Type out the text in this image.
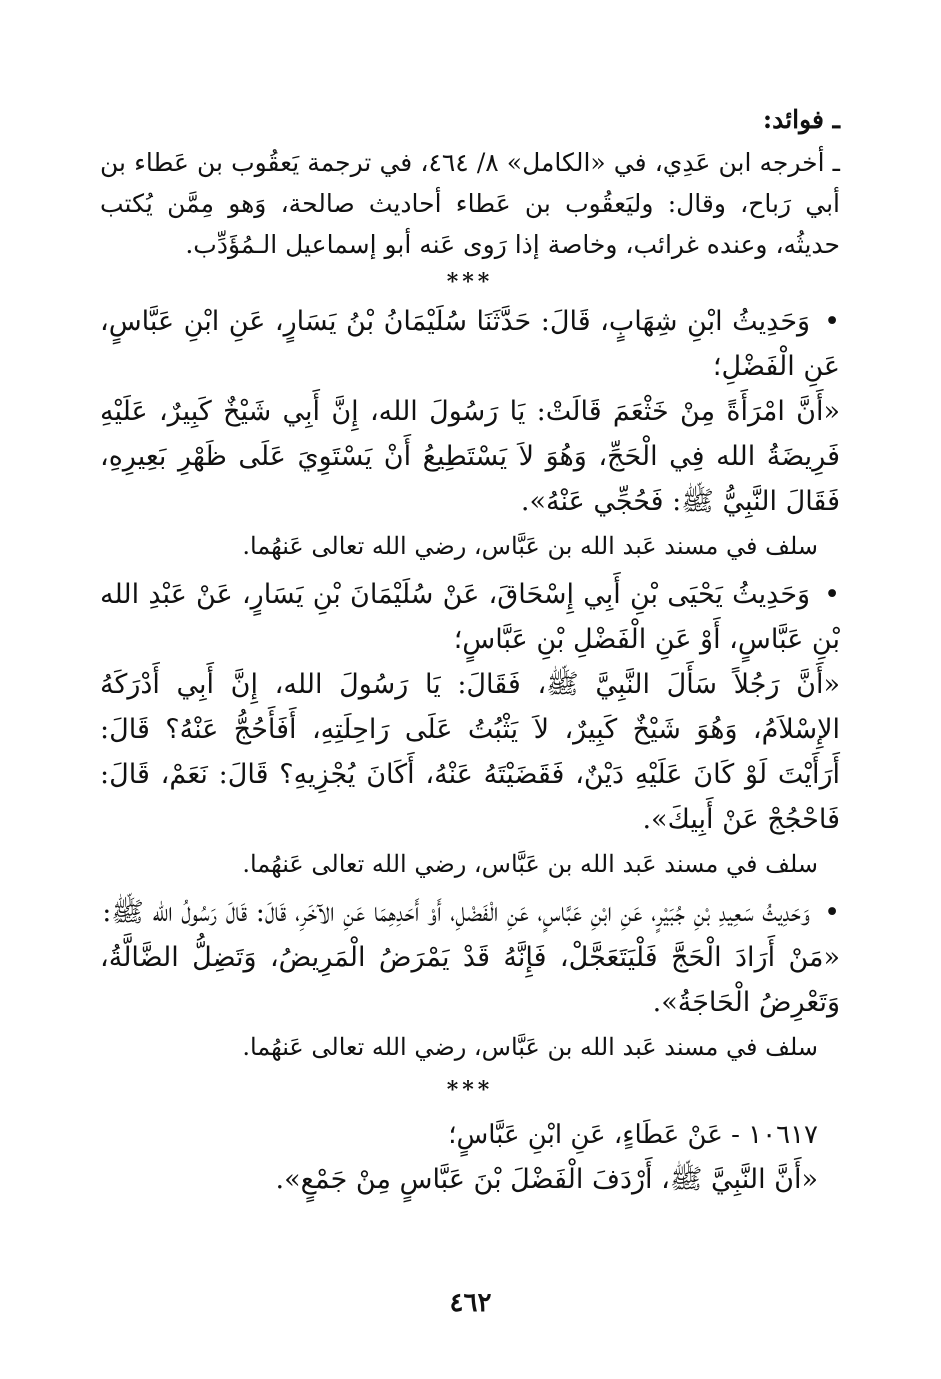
ـ فوائد:

ـ أخرجه ابن عَدِي، في «الكامل» ٨/ ٤٦٤، في ترجمة يَعقُوب بن عَطاء بن أبي رَباح، وقال: وليَعقُوب بن عَطاء أحاديث صالحة، وَهو مِمَّن يُكتب حديثُه، وعنده غرائب، وخاصة إذا رَوى عَنه أبو إسماعيل الـمُؤَدِّب.

***

•وَحَدِيثُ ابْنِ شِهَابٍ، قَالَ: حَدَّثَنَا سُلَيْمَانُ بْنُ يَسَارٍ، عَنِ ابْنِ عَبَّاسٍ، عَنِ الْفَضْلِ؛

«أَنَّ امْرَأَةً مِنْ خَثْعَمَ قَالَتْ: يَا رَسُولَ الله، إِنَّ أَبِي شَيْخٌ كَبِيرٌ، عَلَيْهِ فَرِيضَةُ الله فِي الْحَجِّ، وَهُوَ لاَ يَسْتَطِيعُ أَنْ يَسْتَوِيَ عَلَى ظَهْرِ بَعِيرِهِ، فَقَالَ النَّبِيُّ ﷺ: فَحُجِّي عَنْهُ».

سلف في مسند عَبد الله بن عَبَّاس، رضي الله تعالى عَنهُما.

•وَحَدِيثُ يَحْيَى بْنِ أَبِي إِسْحَاقَ، عَنْ سُلَيْمَانَ بْنِ يَسَارٍ، عَنْ عَبْدِ الله بْنِ عَبَّاسٍ، أَوْ عَنِ الْفَضْلِ بْنِ عَبَّاسٍ؛

«أَنَّ رَجُلاً سَأَلَ النَّبِيَّ ﷺ، فَقَالَ: يَا رَسُولَ الله، إِنَّ أَبِي أَدْرَكَهُ الإِسْلاَمُ، وَهُوَ شَيْخٌ كَبِيرٌ، لاَ يَثْبُتُ عَلَى رَاحِلَتِهِ، أَفَأَحُجُّ عَنْهُ؟ قَالَ: أَرَأَيْتَ لَوْ كَانَ عَلَيْهِ دَيْنٌ، فَقَضَيْتَهُ عَنْهُ، أَكَانَ يُجْزِيهِ؟ قَالَ: نَعَمْ، قَالَ: فَاحْجُجْ عَنْ أَبِيكَ».

سلف في مسند عَبد الله بن عَبَّاس، رضي الله تعالى عَنهُما.

•وَحَدِيثُ سَعِيدِ بْنِ جُبَيْرٍ، عَنِ ابْنِ عَبَّاسٍ، عَنِ الْفَضْلِ، أَوْ أَحَدِهِمَا عَنِ الآخَرِ، قَالَ: قَالَ رَسُولُ الله ﷺ:

«مَنْ أَرَادَ الْحَجَّ فَلْيَتَعَجَّلْ، فَإِنَّهُ قَدْ يَمْرَضُ الْمَرِيضُ، وَتَضِلُّ الضَّالَّةُ، وَتَعْرِضُ الْحَاجَةُ».

سلف في مسند عَبد الله بن عَبَّاس، رضي الله تعالى عَنهُما.

***

١٠٦١٧ - عَنْ عَطَاءٍ، عَنِ ابْنِ عَبَّاسٍ؛

«أَنَّ النَّبِيَّ ﷺ، أَرْدَفَ الْفَضْلَ بْنَ عَبَّاسٍ مِنْ جَمْعٍ».

٤٦٢
